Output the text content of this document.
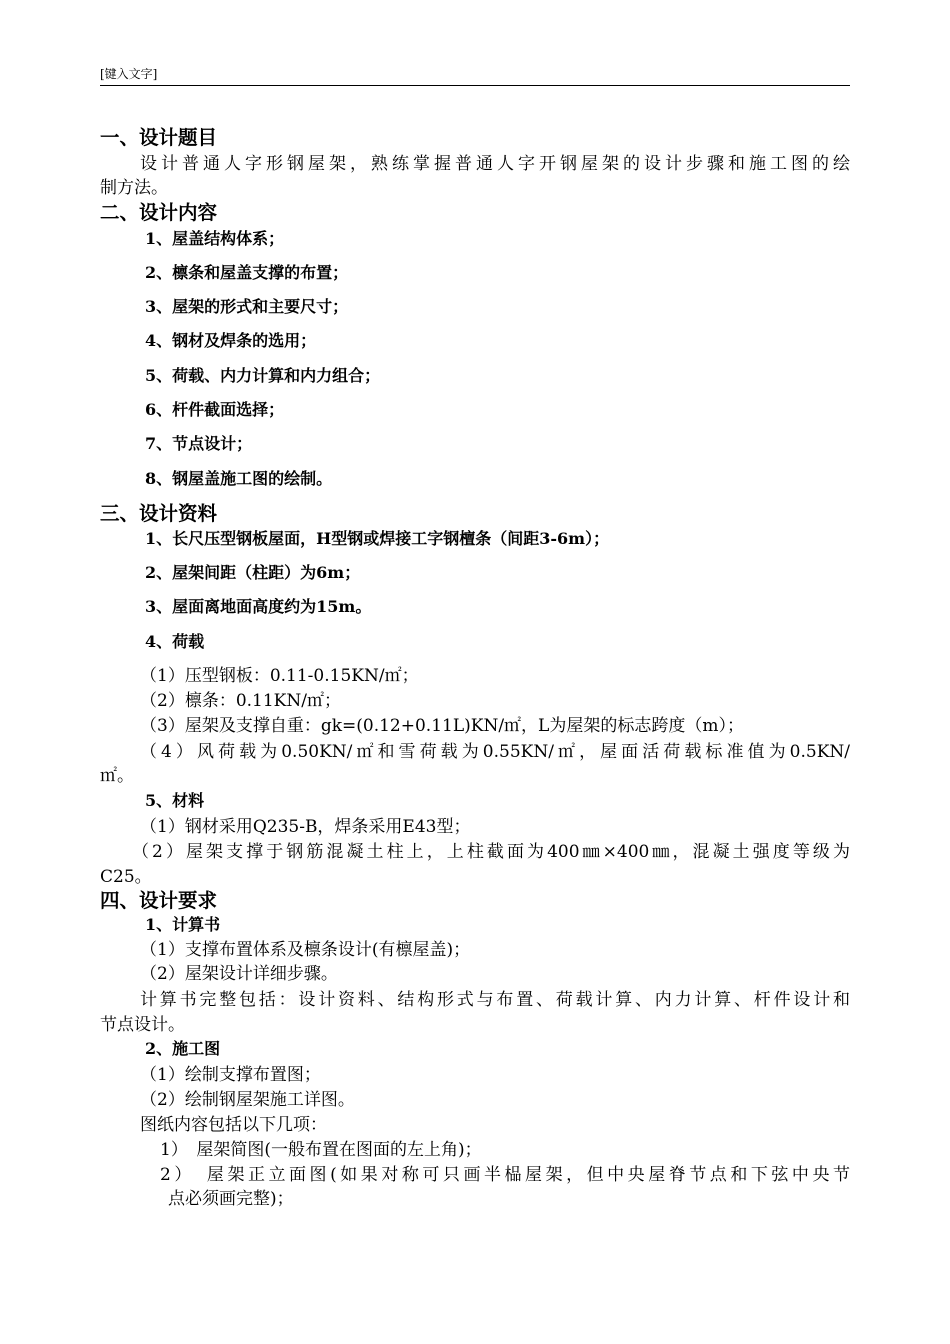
[键入文字]
一、设计题目
设计普通人字形钢屋架，熟练掌握普通人字开钢屋架的设计步骤和施工图的绘
制方法。
二、设计内容
1、屋盖结构体系；
2、檩条和屋盖支撑的布置；
3、屋架的形式和主要尺寸；
4、钢材及焊条的选用；
5、荷载、内力计算和内力组合；
6、杆件截面选择；
7、节点设计；
8、钢屋盖施工图的绘制。
三、设计资料
1、长尺压型钢板屋面，H型钢或焊接工字钢檀条（间距3-6m）；
2、屋架间距（柱距）为6m；
3、屋面离地面高度约为15m。
4、荷载
（1）压型钢板：0.11-0.15KN/㎡；
（2）檩条：0.11KN/㎡；
（3）屋架及支撑自重：gk=(0.12+0.11L)KN/㎡，L为屋架的标志跨度（m）；
（4）风荷载为0.50KN/㎡和雪荷载为0.55KN/㎡，屋面活荷载标准值为0.5KN/
㎡。
5、材料
（1）钢材采用Q235-B，焊条采用E43型；
（2）屋架支撑于钢筋混凝土柱上，上柱截面为400㎜×400㎜，混凝土强度等级为
C25。
四、设计要求
1、计算书
（1）支撑布置体系及檩条设计(有檩屋盖)；
（2）屋架设计详细步骤。
计算书完整包括：设计资料、结构形式与布置、荷载计算、内力计算、杆件设计和
节点设计。
2、施工图
（1）绘制支撑布置图；
（2）绘制钢屋架施工详图。
图纸内容包括以下几项：
1）　屋架简图(一般布置在图面的左上角)；
2）　屋架正立面图(如果对称可只画半榀屋架，但中央屋脊节点和下弦中央节
点必须画完整)；
